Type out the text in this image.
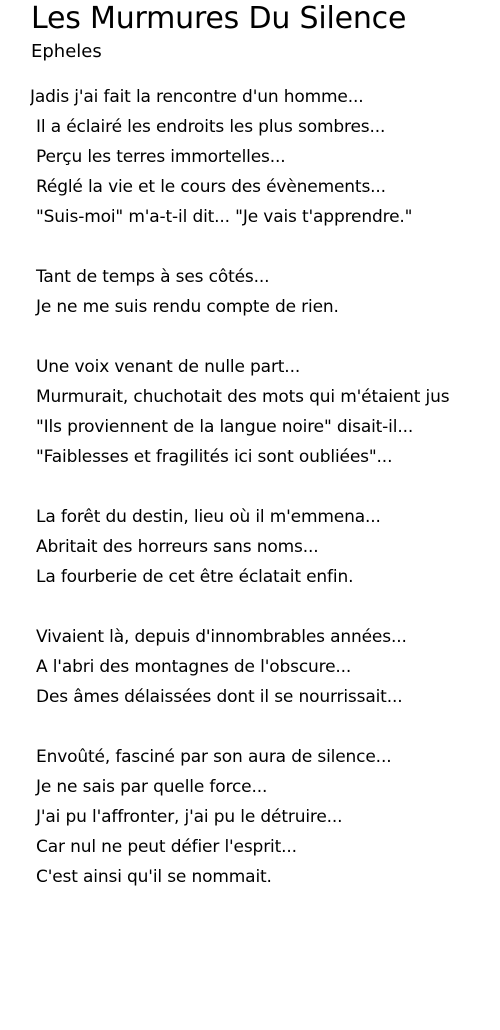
Les Murmures Du Silence
Epheles
Jadis j'ai fait la rencontre d'un homme...
Il a éclairé les endroits les plus sombres...
Perçu les terres immortelles...
Réglé la vie et le cours des évènements...
"Suis-moi" m'a-t-il dit... "Je vais t'apprendre."
Tant de temps à ses côtés...
Je ne me suis rendu compte de rien.
Une voix venant de nulle part...
Murmurait, chuchotait des mots qui m'étaient jus
"Ils proviennent de la langue noire" disait-il...
"Faiblesses et fragilités ici sont oubliées"...
La forêt du destin, lieu où il m'emmena...
Abritait des horreurs sans noms...
La fourberie de cet être éclatait enfin.
Vivaient là, depuis d'innombrables années...
A l'abri des montagnes de l'obscure...
Des âmes délaissées dont il se nourrissait...
Envoûté, fasciné par son aura de silence...
Je ne sais par quelle force...
J'ai pu l'affronter, j'ai pu le détruire...
Car nul ne peut défier l'esprit...
C'est ainsi qu'il se nommait.
